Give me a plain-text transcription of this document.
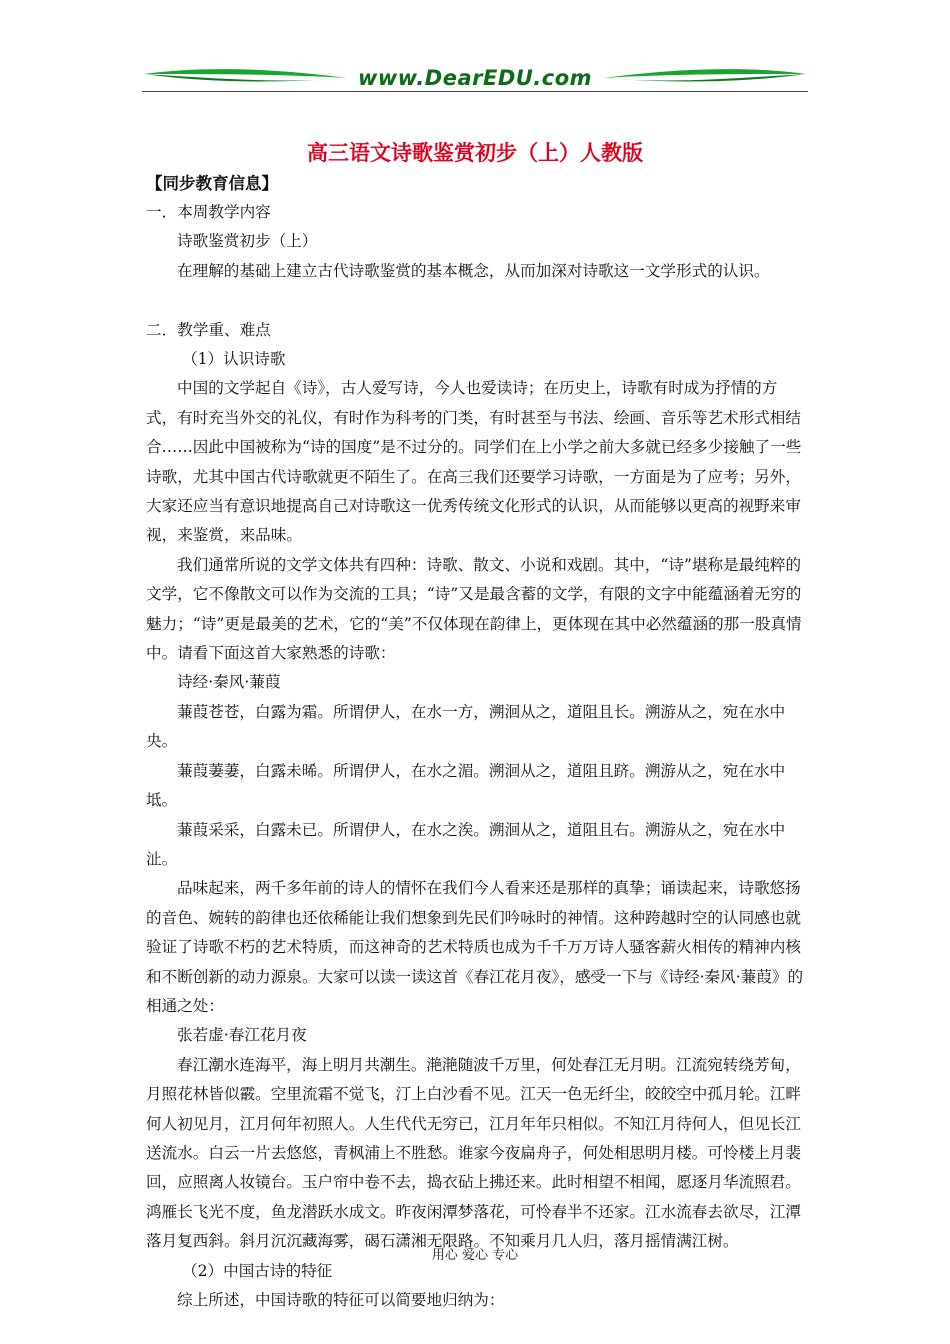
www.DearEDU.com
高三语文诗歌鉴赏初步（上）人教版
【同步教育信息】

一．本周教学内容

诗歌鉴赏初步（上）

在理解的基础上建立古代诗歌鉴赏的基本概念，从而加深对诗歌这一文学形式的认识。

二．教学重、难点

（1）认识诗歌

中国的文学起自《诗》，古人爱写诗，今人也爱读诗；在历史上，诗歌有时成为抒情的方式，有时充当外交的礼仪，有时作为科考的门类，有时甚至与书法、绘画、音乐等艺术形式相结合……因此中国被称为“诗的国度”是不过分的。同学们在上小学之前大多就已经多少接触了一些诗歌，尤其中国古代诗歌就更不陌生了。在高三我们还要学习诗歌，一方面是为了应考；另外，大家还应当有意识地提高自己对诗歌这一优秀传统文化形式的认识，从而能够以更高的视野来审视，来鉴赏，来品味。

我们通常所说的文学文体共有四种：诗歌、散文、小说和戏剧。其中，“诗”堪称是最纯粹的文学，它不像散文可以作为交流的工具；“诗”又是最含蓄的文学，有限的文字中能蕴涵着无穷的魅力；“诗”更是最美的艺术，它的“美”不仅体现在韵律上，更体现在其中必然蕴涵的那一股真情中。请看下面这首大家熟悉的诗歌：

诗经·秦风·蒹葭

蒹葭苍苍，白露为霜。所谓伊人，在水一方，溯洄从之，道阻且长。溯游从之，宛在水中央。

蒹葭萋萋，白露未晞。所谓伊人，在水之湄。溯洄从之，道阻且跻。溯游从之，宛在水中坻。

蒹葭采采，白露未已。所谓伊人，在水之涘。溯洄从之，道阻且右。溯游从之，宛在水中沚。

品味起来，两千多年前的诗人的情怀在我们今人看来还是那样的真挚；诵读起来，诗歌悠扬的音色、婉转的韵律也还依稀能让我们想象到先民们吟咏时的神情。这种跨越时空的认同感也就验证了诗歌不朽的艺术特质，而这神奇的艺术特质也成为千千万万诗人骚客薪火相传的精神内核和不断创新的动力源泉。大家可以读一读这首《春江花月夜》，感受一下与《诗经·秦风·蒹葭》的相通之处：

张若虚·春江花月夜

春江潮水连海平，海上明月共潮生。滟滟随波千万里，何处春江无月明。江流宛转绕芳甸，月照花林皆似霰。空里流霜不觉飞，汀上白沙看不见。江天一色无纤尘，皎皎空中孤月轮。江畔何人初见月，江月何年初照人。人生代代无穷已，江月年年只相似。不知江月待何人，但见长江送流水。白云一片去悠悠，青枫浦上不胜愁。谁家今夜扁舟子，何处相思明月楼。可怜楼上月裴回，应照离人妆镜台。玉户帘中卷不去，捣衣砧上拂还来。此时相望不相闻，愿逐月华流照君。鸿雁长飞光不度，鱼龙潜跃水成文。昨夜闲潭梦落花，可怜春半不还家。江水流春去欲尽，江潭落月复西斜。斜月沉沉藏海雾，碣石潇湘无限路。不知乘月几人归，落月摇情满江树。

（2）中国古诗的特征

综上所述，中国诗歌的特征可以简要地归纳为：

用心 爱心 专心
